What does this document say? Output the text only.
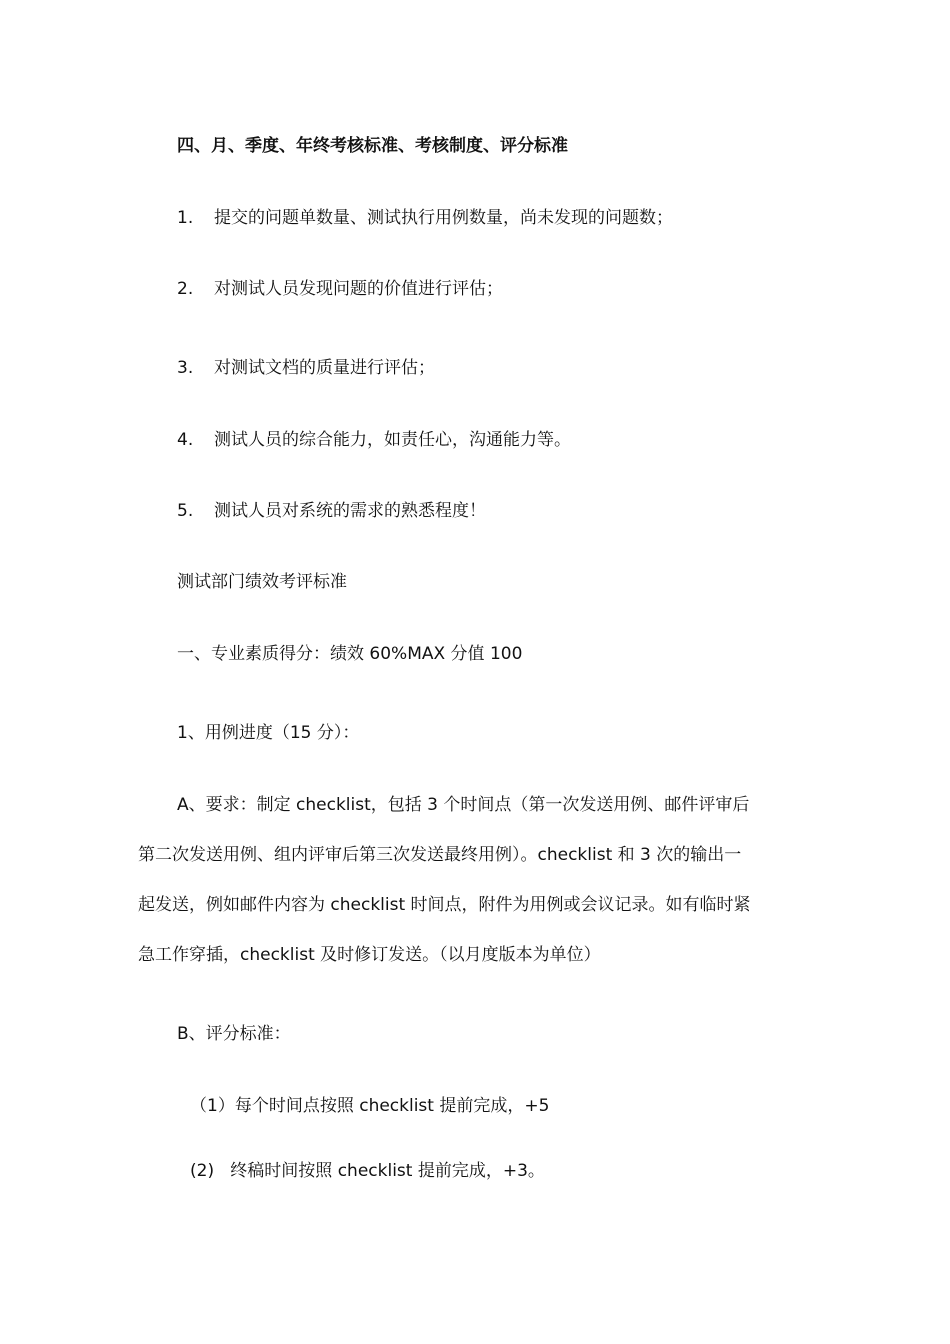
四、月、季度、年终考核标准、考核制度、评分标准
1. 提交的问题单数量、测试执行用例数量，尚未发现的问题数；
2. 对测试人员发现问题的价值进行评估；
3. 对测试文档的质量进行评估；
4. 测试人员的综合能力，如责任心，沟通能力等。
5. 测试人员对系统的需求的熟悉程度！
测试部门绩效考评标准
一、专业素质得分：绩效 60%MAX 分值 100
1、用例进度（15 分）：
A、要求：制定 checklist，包括 3 个时间点（第一次发送用例、邮件评审后
第二次发送用例、组内评审后第三次发送最终用例）。checklist 和 3 次的输出一
起发送，例如邮件内容为 checklist 时间点，附件为用例或会议记录。如有临时紧
急工作穿插，checklist 及时修订发送。（以月度版本为单位）
B、评分标准：
（1）每个时间点按照 checklist 提前完成，+5
(2)   终稿时间按照 checklist 提前完成，+3。
